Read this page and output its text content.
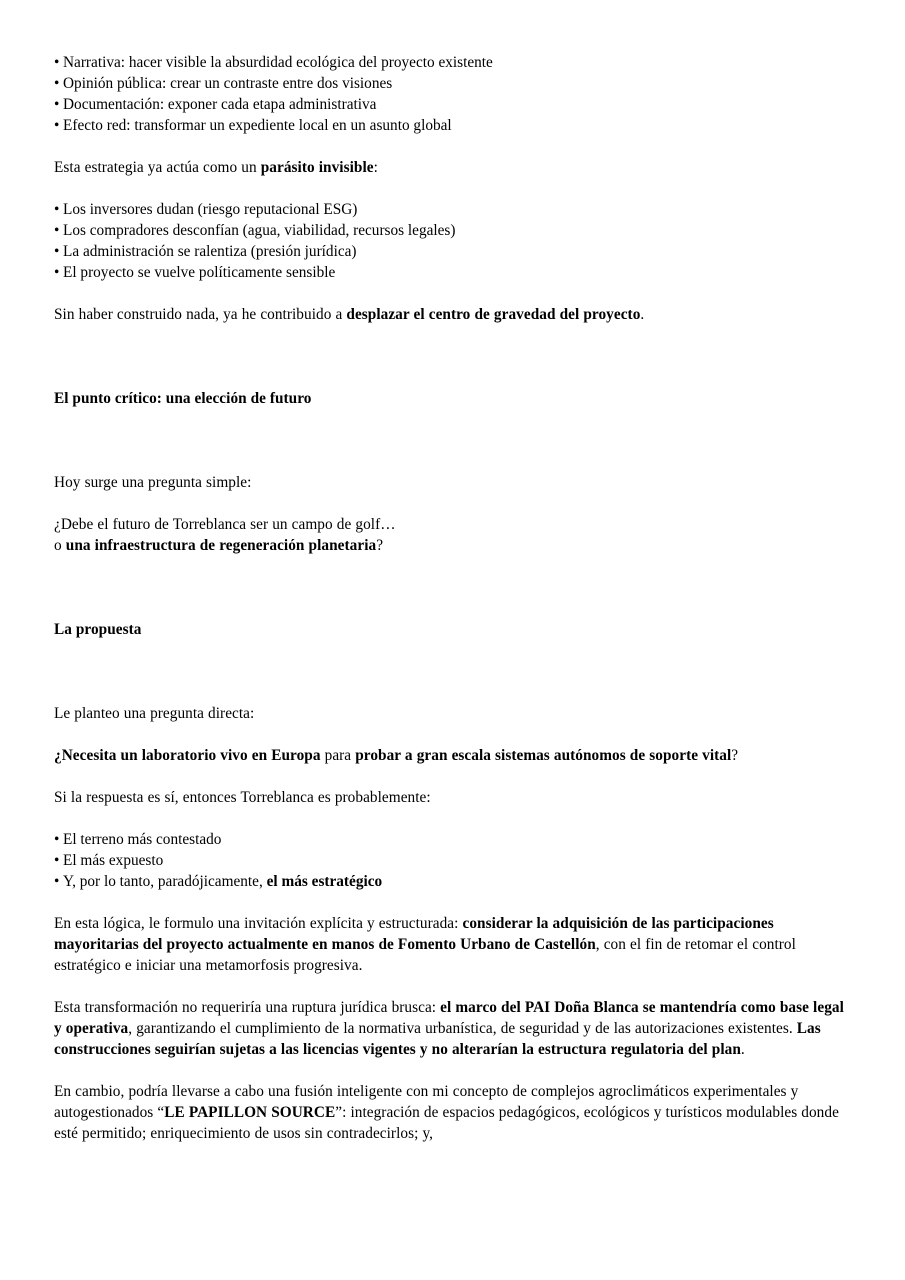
• Narrativa: hacer visible la absurdidad ecológica del proyecto existente
• Opinión pública: crear un contraste entre dos visiones
• Documentación: exponer cada etapa administrativa
• Efecto red: transformar un expediente local en un asunto global

Esta estrategia ya actúa como un parásito invisible:

• Los inversores dudan (riesgo reputacional ESG)
• Los compradores desconfían (agua, viabilidad, recursos legales)
• La administración se ralentiza (presión jurídica)
• El proyecto se vuelve políticamente sensible

Sin haber construido nada, ya he contribuido a desplazar el centro de gravedad del proyecto.

El punto crítico: una elección de futuro

Hoy surge una pregunta simple:

¿Debe el futuro de Torreblanca ser un campo de golf…
o una infraestructura de regeneración planetaria?

La propuesta

Le planteo una pregunta directa:

¿Necesita un laboratorio vivo en Europa para probar a gran escala sistemas autónomos de soporte vital?

Si la respuesta es sí, entonces Torreblanca es probablemente:

• El terreno más contestado
• El más expuesto
• Y, por lo tanto, paradójicamente, el más estratégico

En esta lógica, le formulo una invitación explícita y estructurada: considerar la adquisición de las participaciones mayoritarias del proyecto actualmente en manos de Fomento Urbano de Castellón, con el fin de retomar el control estratégico e iniciar una metamorfosis progresiva.

Esta transformación no requeriría una ruptura jurídica brusca: el marco del PAI Doña Blanca se mantendría como base legal y operativa, garantizando el cumplimiento de la normativa urbanística, de seguridad y de las autorizaciones existentes. Las construcciones seguirían sujetas a las licencias vigentes y no alterarían la estructura regulatoria del plan.

En cambio, podría llevarse a cabo una fusión inteligente con mi concepto de complejos agroclimáticos experimentales y autogestionados “LE PAPILLON SOURCE”: integración de espacios pedagógicos, ecológicos y turísticos modulables donde esté permitido; enriquecimiento de usos sin contradecirlos; y,
